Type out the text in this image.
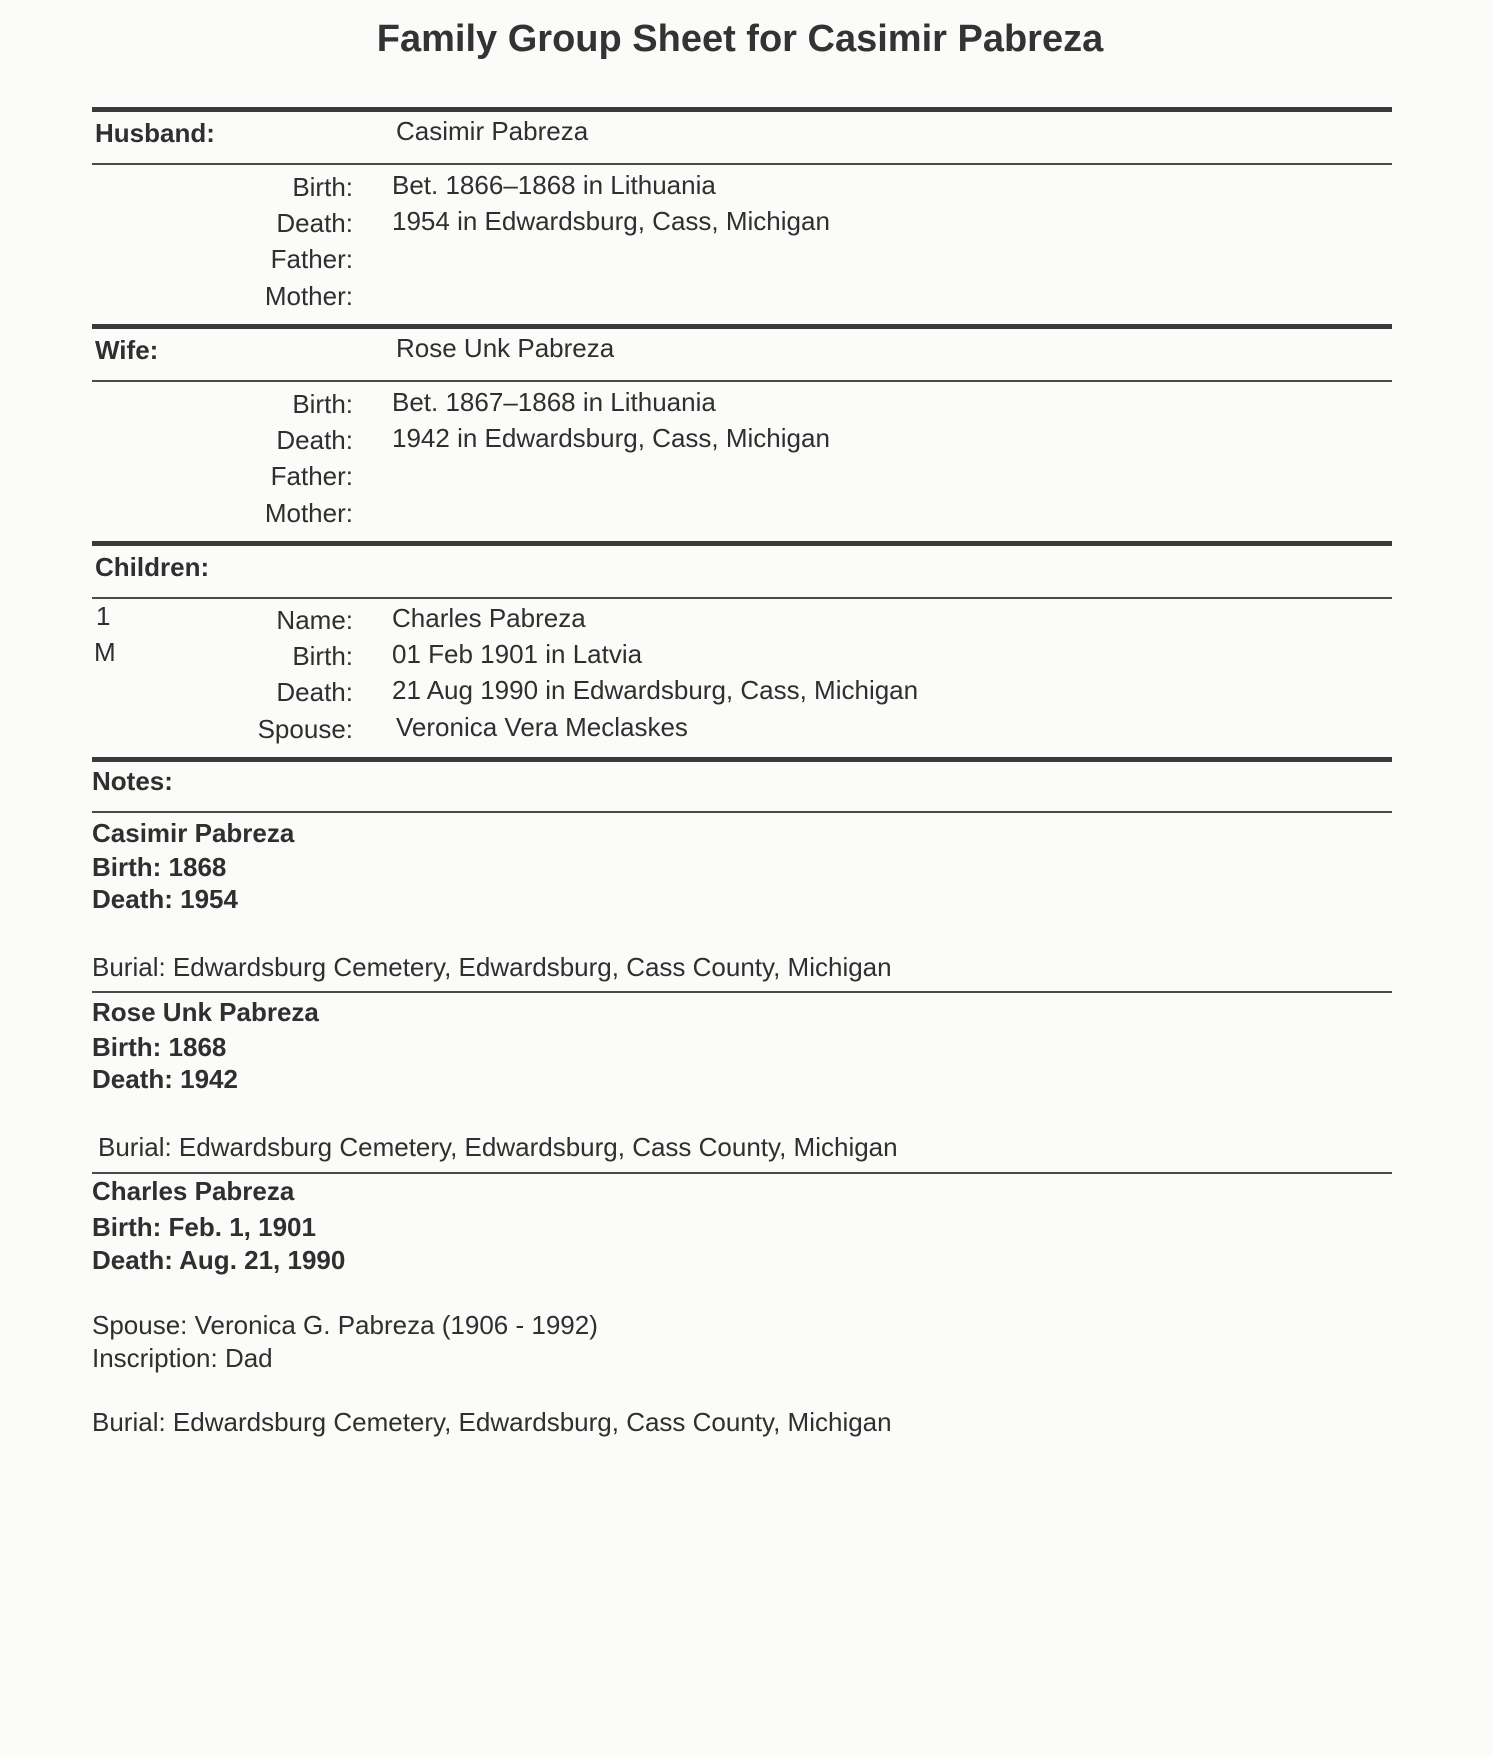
Family Group Sheet for Casimir Pabreza
Husband:	Casimir Pabreza
Birth: Bet. 1866–1868 in Lithuania
Death: 1954 in Edwardsburg, Cass, Michigan
Father:
Mother:
Wife:	Rose Unk Pabreza
Birth: Bet. 1867–1868 in Lithuania
Death: 1942 in Edwardsburg, Cass, Michigan
Father:
Mother:
Children:
1
M
Name: Charles Pabreza
Birth: 01 Feb 1901 in Latvia
Death: 21 Aug 1990 in Edwardsburg, Cass, Michigan
Spouse: Veronica Vera Meclaskes
Notes:
Casimir Pabreza
Birth: 1868
Death: 1954
Burial: Edwardsburg Cemetery, Edwardsburg, Cass County, Michigan
Rose Unk Pabreza
Birth: 1868
Death: 1942
Burial: Edwardsburg Cemetery, Edwardsburg, Cass County, Michigan
Charles Pabreza
Birth: Feb. 1, 1901
Death: Aug. 21, 1990
Spouse: Veronica G. Pabreza (1906 - 1992)
Inscription: Dad
Burial: Edwardsburg Cemetery, Edwardsburg, Cass County, Michigan
